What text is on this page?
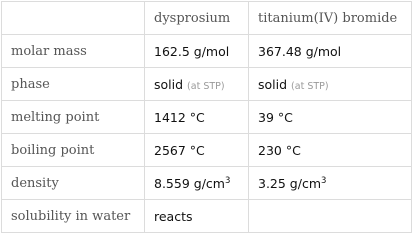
	dysprosium	titanium(IV) bromide
molar mass	162.5 g/mol	367.48 g/mol
phase	solid (at STP)	solid (at STP)
melting point	1412 °C	39 °C
boiling point	2567 °C	230 °C
density	8.559 $g/cm^3$	3.25 $g/cm^3$
solubility in water	reacts	
